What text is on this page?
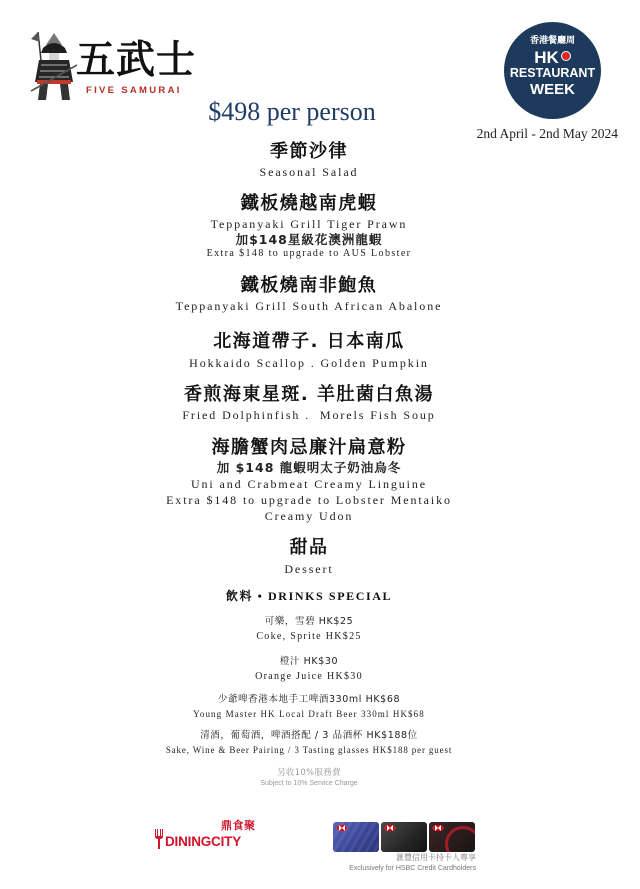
五武士
FIVE SAMURAI
香港餐廳周
HK
RESTAURANT
WEEK
$498 per person
2nd April - 2nd May 2024
季節沙律
Seasonal Salad
鐵板燒越南虎蝦
Teppanyaki Grill Tiger Prawn
加$148星級花澳洲龍蝦
Extra $148 to upgrade to AUS Lobster
鐵板燒南非鮑魚
Teppanyaki Grill South African Abalone
北海道帶子. 日本南瓜
Hokkaido Scallop . Golden Pumpkin
香煎海東星斑. 羊肚菌白魚湯
Fried Dolphinfish .  Morels Fish Soup
海膽蟹肉忌廉汁扁意粉
加 $148 龍蝦明太子奶油烏冬
Uni and Crabmeat Creamy Linguine
Extra $148 to upgrade to Lobster Mentaiko
Creamy Udon
甜品
Dessert
飲料 • DRINKS SPECIAL
可樂，雪碧 HK$25
Coke, Sprite HK$25
橙汁 HK$30
Orange Juice HK$30
少爺啤香港本地手工啤酒330ml HK$68
Young Master HK Local Draft Beer 330ml HK$68
清酒，葡萄酒，啤酒搭配 / 3 品酒杯 HK$188位
Sake, Wine & Beer Pairing / 3 Tasting glasses HK$188 per guest
另收10%服務費
Subject to 10% Service Charge
鼎食聚
DININGCITY
滙豐信用卡持卡人專享
Exclusively for HSBC Credit Cardholders
